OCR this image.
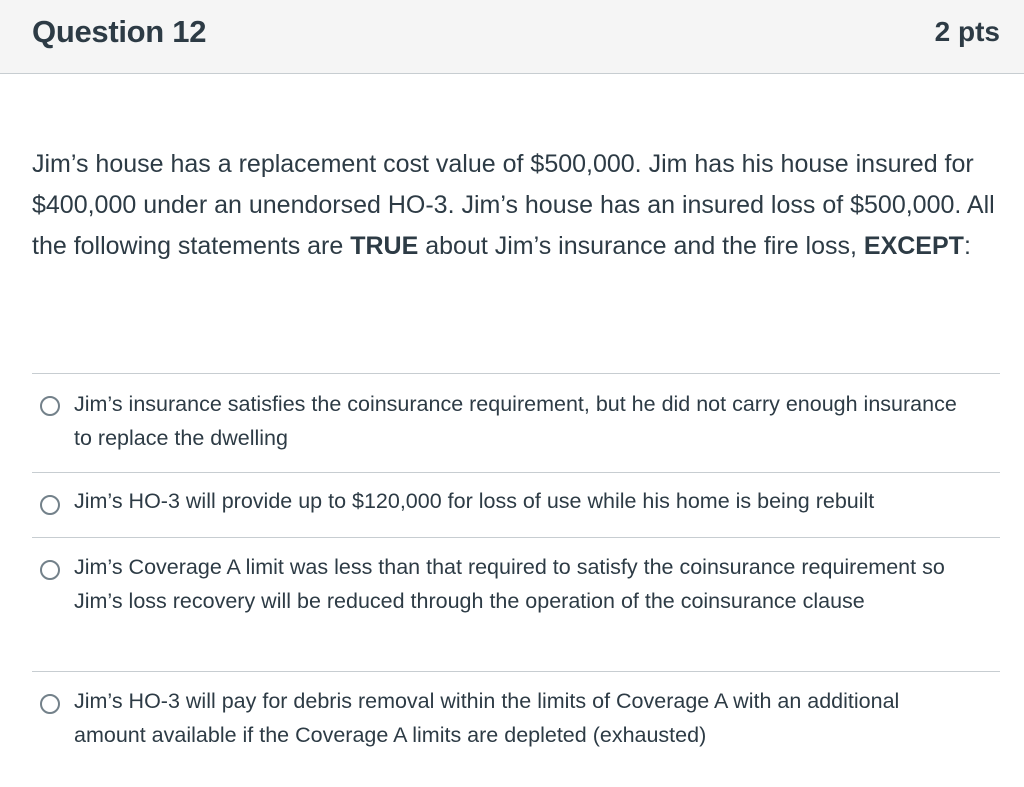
Question 12	2 pts
Jim’s house has a replacement cost value of $500,000. Jim has his house insured for $400,000 under an unendorsed HO-3. Jim’s house has an insured loss of $500,000. All the following statements are TRUE about Jim’s insurance and the fire loss, EXCEPT:
Jim’s insurance satisfies the coinsurance requirement, but he did not carry enough insurance to replace the dwelling
Jim’s HO-3 will provide up to $120,000 for loss of use while his home is being rebuilt
Jim’s Coverage A limit was less than that required to satisfy the coinsurance requirement so Jim’s loss recovery will be reduced through the operation of the coinsurance clause
Jim’s HO-3 will pay for debris removal within the limits of Coverage A with an additional amount available if the Coverage A limits are depleted (exhausted)
